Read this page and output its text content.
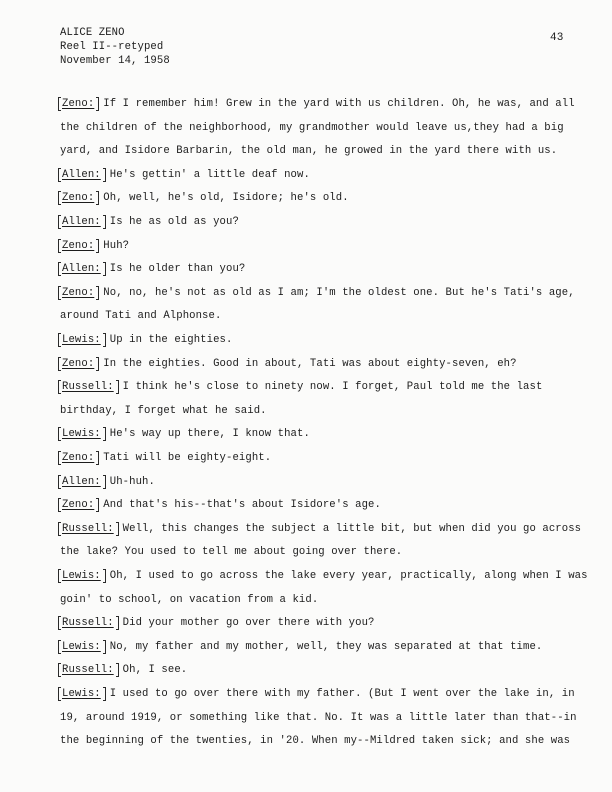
ALICE ZENO
Reel II--retyped
November 14, 1958
43
Zeno: If I remember him! Grew in the yard with us children. Oh, he was, and all
the children of the neighborhood, my grandmother would leave us,they had a big
yard, and Isidore Barbarin, the old man, he growed in the yard there with us.
Allen: He's gettin' a little deaf now.
Zeno: Oh, well, he's old, Isidore; he's old.
Allen: Is he as old as you?
Zeno: Huh?
Allen: Is he older than you?
Zeno: No, no, he's not as old as I am; I'm the oldest one. But he's Tati's age,
around Tati and Alphonse.
Lewis: Up in the eighties.
Zeno: In the eighties. Good in about, Tati was about eighty-seven, eh?
Russell: I think he's close to ninety now. I forget, Paul told me the last
birthday, I forget what he said.
Lewis: He's way up there, I know that.
Zeno: Tati will be eighty-eight.
Allen: Uh-huh.
Zeno: And that's his--that's about Isidore's age.
Russell: Well, this changes the subject a little bit, but when did you go across
the lake? You used to tell me about going over there.
Lewis: Oh, I used to go across the lake every year, practically, along when I was
goin' to school, on vacation from a kid.
Russell: Did your mother go over there with you?
Lewis: No, my father and my mother, well, they was separated at that time.
Russell: Oh, I see.
Lewis: I used to go over there with my father. (But I went over the lake in, in
19, around 1919, or something like that. No. It was a little later than that--in
the beginning of the twenties, in '20. When my--Mildred taken sick; and she was
